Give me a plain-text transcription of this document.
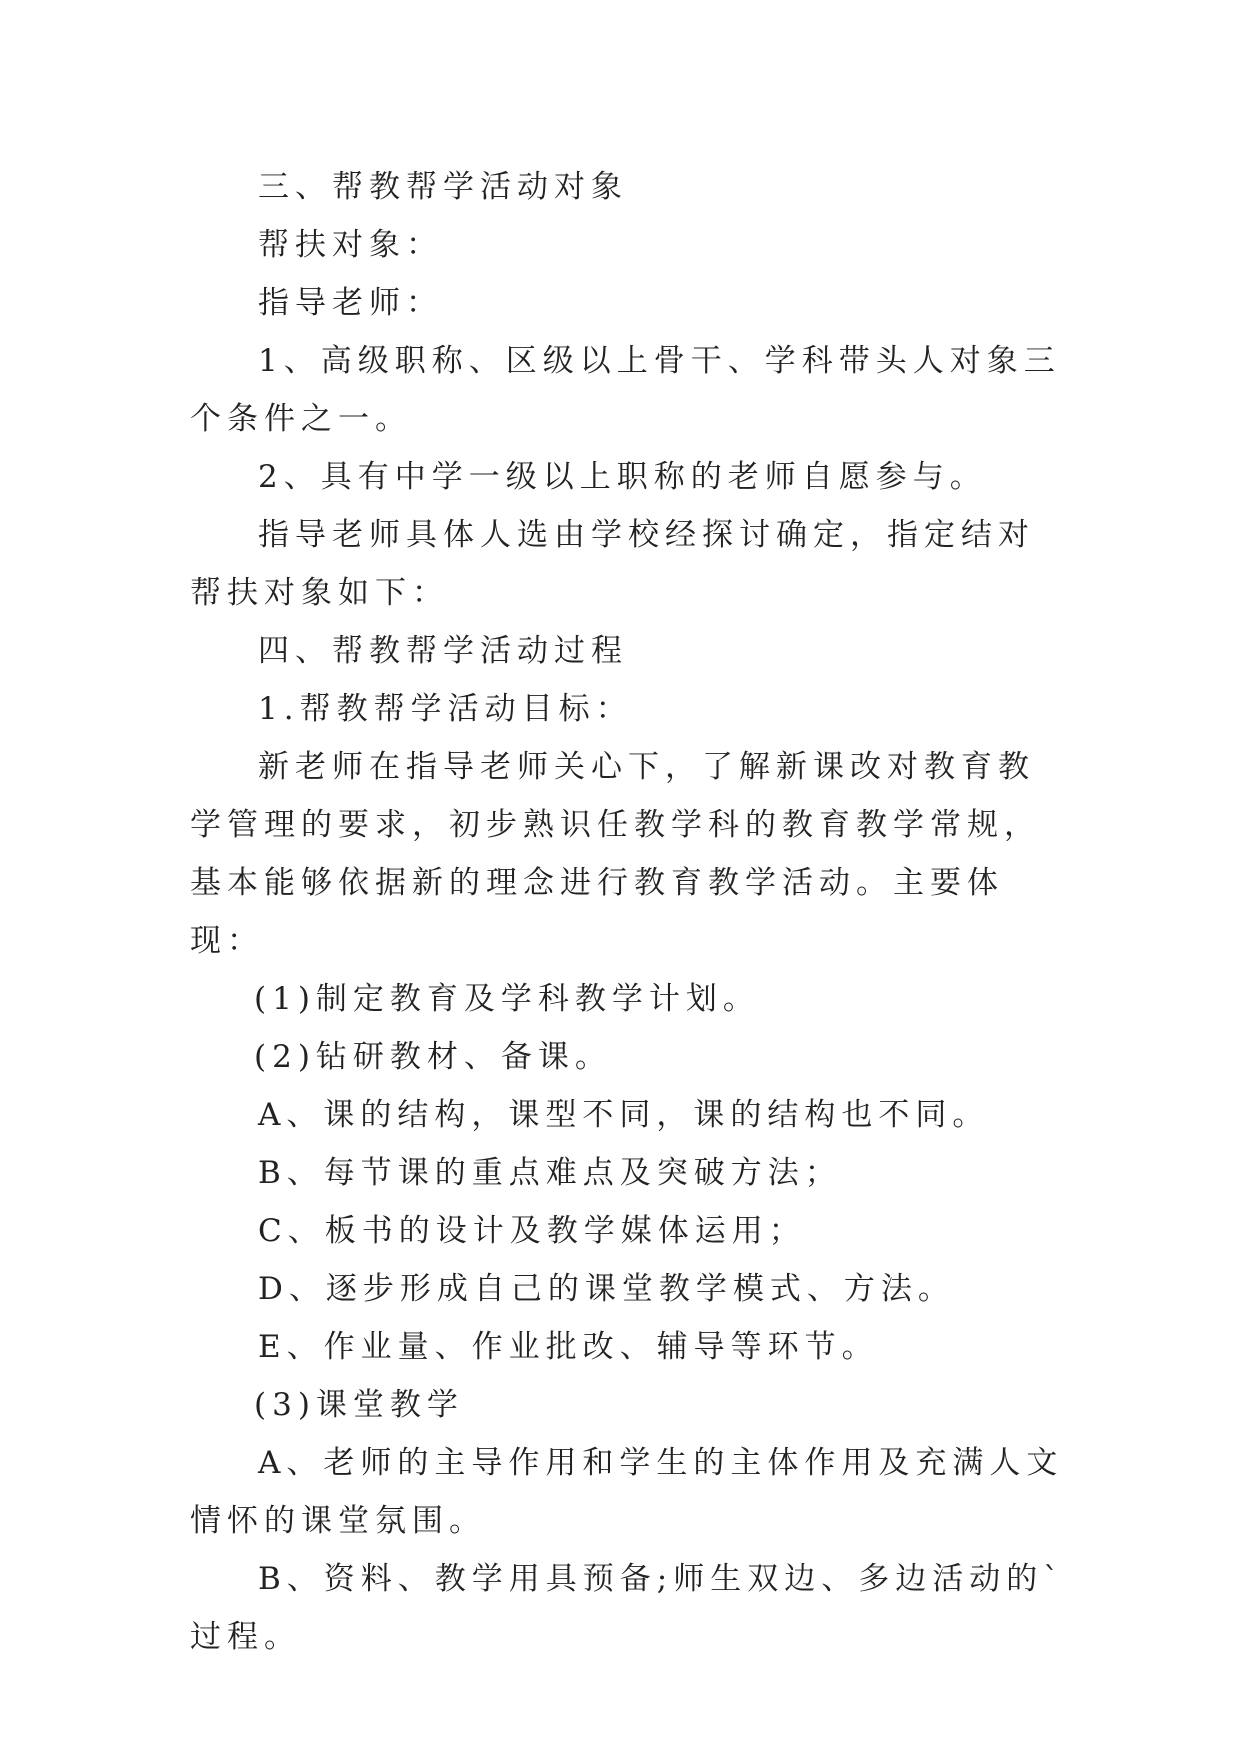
三、帮教帮学活动对象

帮扶对象：

指导老师：

1、高级职称、区级以上骨干、学科带头人对象三个条件之一。

2、具有中学一级以上职称的老师自愿参与。

指导老师具体人选由学校经探讨确定，指定结对帮扶对象如下：

四、帮教帮学活动过程

1.帮教帮学活动目标：

新老师在指导老师关心下，了解新课改对教育教学管理的要求，初步熟识任教学科的教育教学常规，基本能够依据新的理念进行教育教学活动。主要体现：

(1)制定教育及学科教学计划。

(2)钻研教材、备课。

A、课的结构，课型不同，课的结构也不同。

B、每节课的重点难点及突破方法；

C、板书的设计及教学媒体运用；

D、逐步形成自己的课堂教学模式、方法。

E、作业量、作业批改、辅导等环节。

(3)课堂教学

A、老师的主导作用和学生的主体作用及充满人文情怀的课堂氛围。

B、资料、教学用具预备;师生双边、多边活动的`过程。
